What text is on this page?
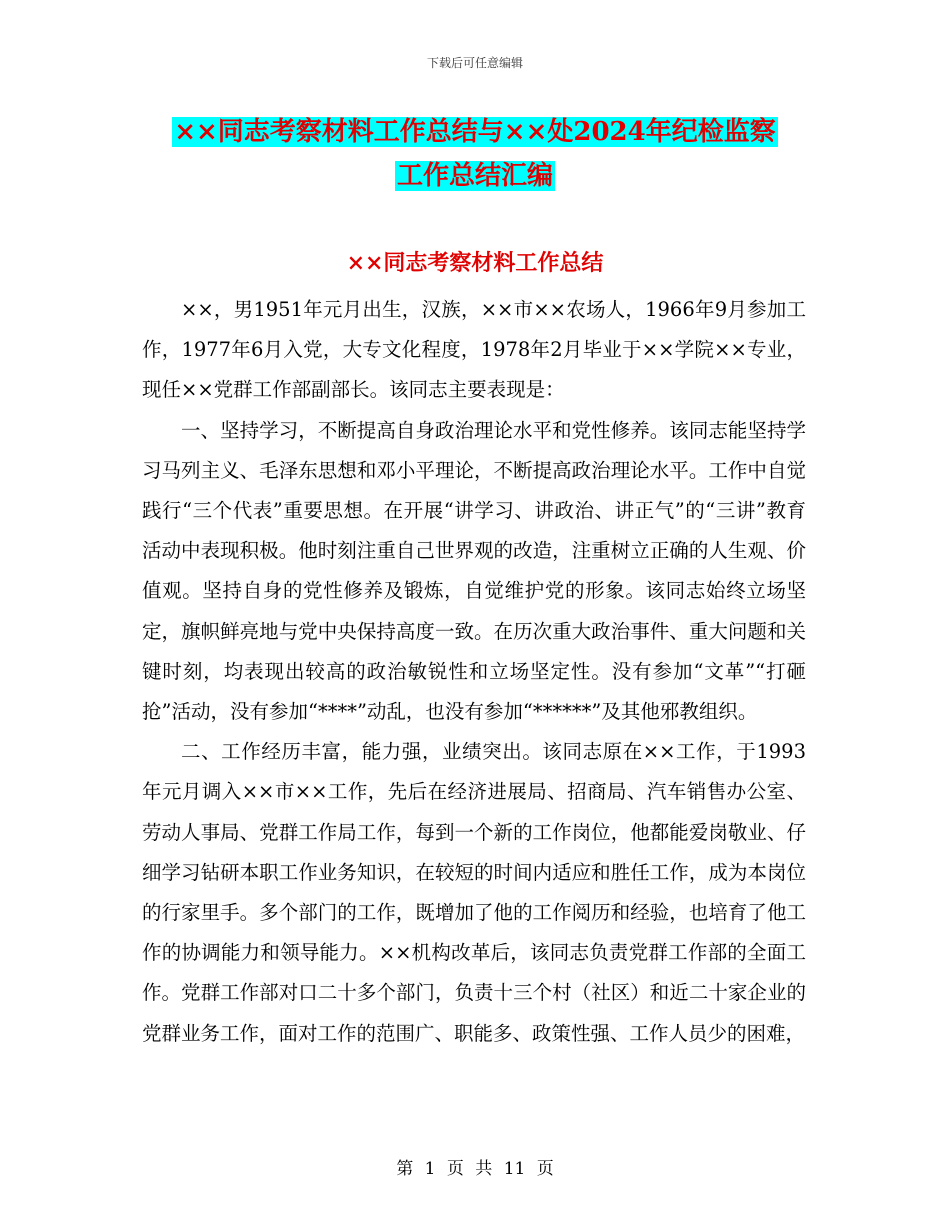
下载后可任意编辑
××同志考察材料工作总结与××处2024年纪检监察
工作总结汇编
××同志考察材料工作总结

××，男1951年元月出生，汉族，××市××农场人，1966年9月参加工作，1977年6月入党，大专文化程度，1978年2月毕业于××学院××专业，现任××党群工作部副部长。该同志主要表现是：

一、坚持学习，不断提高自身政治理论水平和党性修养。该同志能坚持学习马列主义、毛泽东思想和邓小平理论，不断提高政治理论水平。工作中自觉践行“三个代表”重要思想。在开展“讲学习、讲政治、讲正气”的“三讲”教育活动中表现积极。他时刻注重自己世界观的改造，注重树立正确的人生观、价值观。坚持自身的党性修养及锻炼，自觉维护党的形象。该同志始终立场坚定，旗帜鲜亮地与党中央保持高度一致。在历次重大政治事件、重大问题和关键时刻，均表现出较高的政治敏锐性和立场坚定性。没有参加“文革”“打砸抢”活动，没有参加“****”动乱，也没有参加“******”及其他邪教组织。

二、工作经历丰富，能力强，业绩突出。该同志原在××工作，于1993年元月调入××市××工作，先后在经济进展局、招商局、汽车销售办公室、劳动人事局、党群工作局工作，每到一个新的工作岗位，他都能爱岗敬业、仔细学习钻研本职工作业务知识，在较短的时间内适应和胜任工作，成为本岗位的行家里手。多个部门的工作，既增加了他的工作阅历和经验，也培育了他工作的协调能力和领导能力。××机构改革后，该同志负责党群工作部的全面工作。党群工作部对口二十多个部门，负责十三个村（社区）和近二十家企业的党群业务工作，面对工作的范围广、职能多、政策性强、工作人员少的困难，

第 1 页 共 11 页
